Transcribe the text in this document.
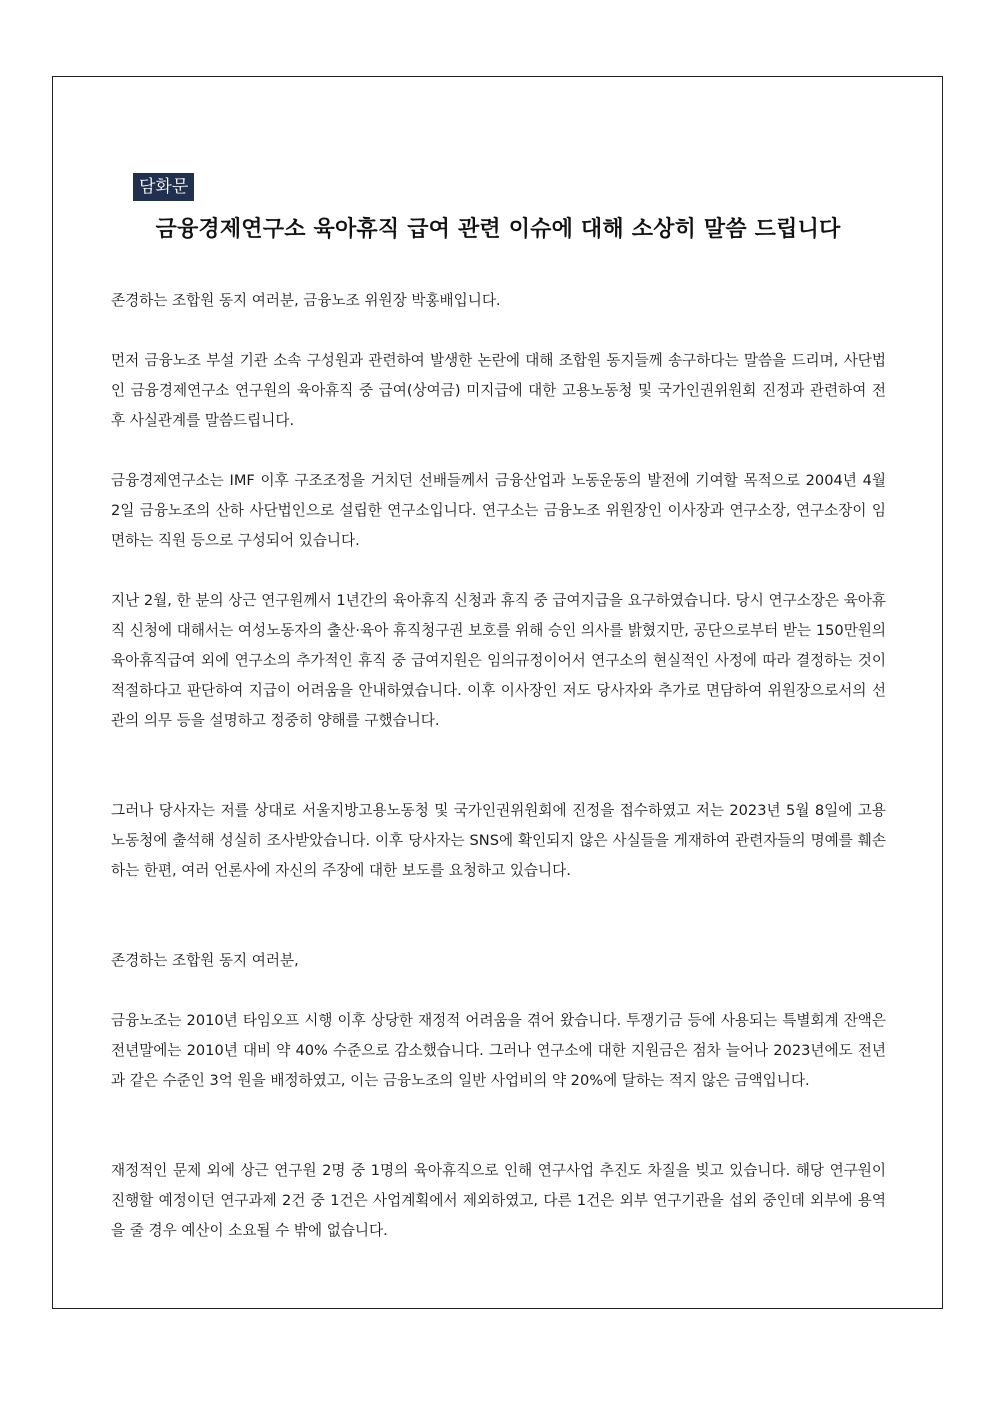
담화문
금융경제연구소 육아휴직 급여 관련 이슈에 대해 소상히 말씀 드립니다
존경하는 조합원 동지 여러분, 금융노조 위원장 박홍배입니다.
먼저 금융노조 부설 기관 소속 구성원과 관련하여 발생한 논란에 대해 조합원 동지들께 송구하다는 말씀을 드리며, 사단법인 금융경제연구소 연구원의 육아휴직 중 급여(상여금) 미지급에 대한 고용노동청 및 국가인권위원회 진정과 관련하여 전후 사실관계를 말씀드립니다.
금융경제연구소는 IMF 이후 구조조정을 거치던 선배들께서 금융산업과 노동운동의 발전에 기여할 목적으로 2004년 4월 2일 금융노조의 산하 사단법인으로 설립한 연구소입니다. 연구소는 금융노조 위원장인 이사장과 연구소장, 연구소장이 임면하는 직원 등으로 구성되어 있습니다.
지난 2월, 한 분의 상근 연구원께서 1년간의 육아휴직 신청과 휴직 중 급여지급을 요구하였습니다. 당시 연구소장은 육아휴직 신청에 대해서는 여성노동자의 출산·육아 휴직청구권 보호를 위해 승인 의사를 밝혔지만, 공단으로부터 받는 150만원의 육아휴직급여 외에 연구소의 추가적인 휴직 중 급여지원은 임의규정이어서 연구소의 현실적인 사정에 따라 결정하는 것이 적절하다고 판단하여 지급이 어려움을 안내하였습니다. 이후 이사장인 저도 당사자와 추가로 면담하여 위원장으로서의 선관의 의무 등을 설명하고 정중히 양해를 구했습니다.
그러나 당사자는 저를 상대로 서울지방고용노동청 및 국가인권위원회에 진정을 접수하였고 저는 2023년 5월 8일에 고용노동청에 출석해 성실히 조사받았습니다. 이후 당사자는 SNS에 확인되지 않은 사실들을 게재하여 관련자들의 명예를 훼손하는 한편, 여러 언론사에 자신의 주장에 대한 보도를 요청하고 있습니다.
존경하는 조합원 동지 여러분,
금융노조는 2010년 타임오프 시행 이후 상당한 재정적 어려움을 겪어 왔습니다. 투쟁기금 등에 사용되는 특별회계 잔액은 전년말에는 2010년 대비 약 40% 수준으로 감소했습니다. 그러나 연구소에 대한 지원금은 점차 늘어나 2023년에도 전년과 같은 수준인 3억 원을 배정하였고, 이는 금융노조의 일반 사업비의 약 20%에 달하는 적지 않은 금액입니다.
재정적인 문제 외에 상근 연구원 2명 중 1명의 육아휴직으로 인해 연구사업 추진도 차질을 빚고 있습니다. 해당 연구원이 진행할 예정이던 연구과제 2건 중 1건은 사업계획에서 제외하였고, 다른 1건은 외부 연구기관을 섭외 중인데 외부에 용역을 줄 경우 예산이 소요될 수 밖에 없습니다.
